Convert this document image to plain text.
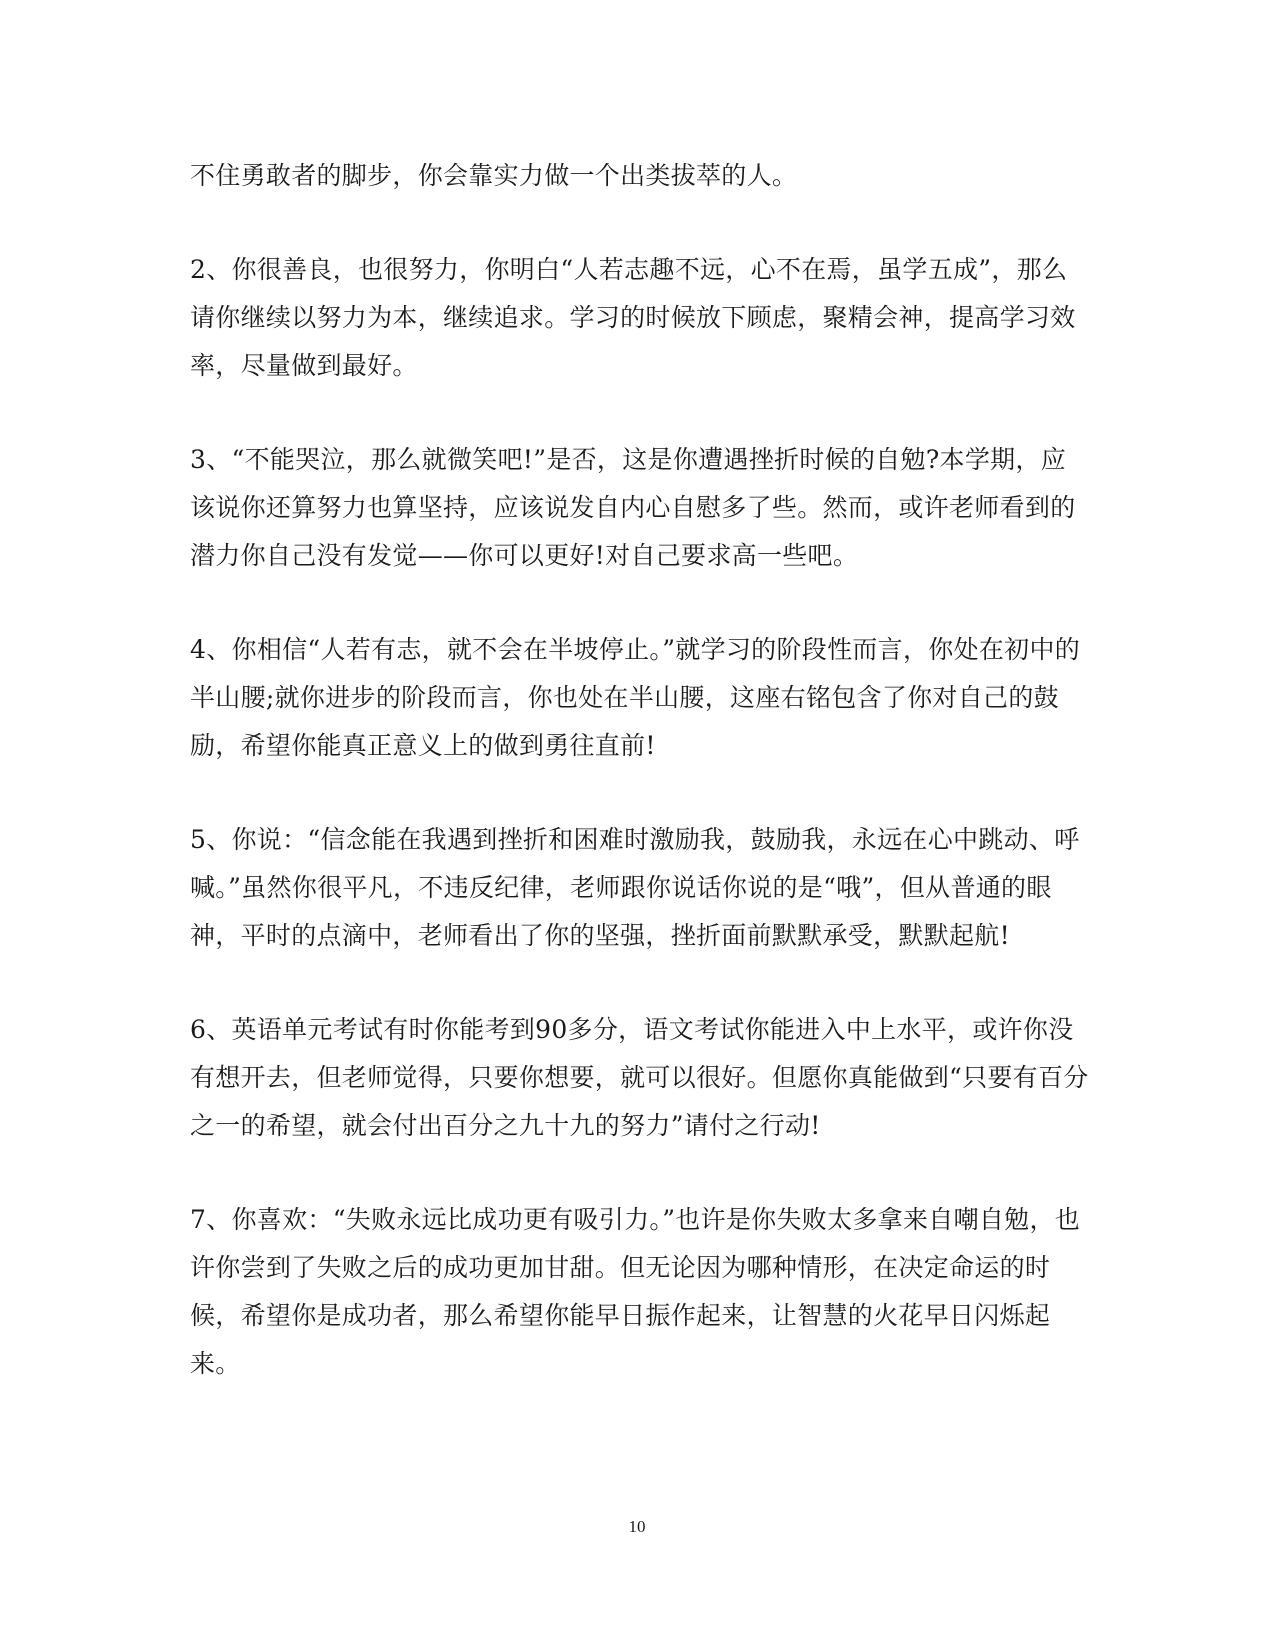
不住勇敢者的脚步，你会靠实力做一个出类拔萃的人。

2、你很善良，也很努力，你明白“人若志趣不远，心不在焉，虽学五成”，那么请你继续以努力为本，继续追求。学习的时候放下顾虑，聚精会神，提高学习效率，尽量做到最好。

3、“不能哭泣，那么就微笑吧!”是否，这是你遭遇挫折时候的自勉?本学期，应该说你还算努力也算坚持，应该说发自内心自慰多了些。然而，或许老师看到的潜力你自己没有发觉——你可以更好!对自己要求高一些吧。

4、你相信“人若有志，就不会在半坡停止。”就学习的阶段性而言，你处在初中的半山腰;就你进步的阶段而言，你也处在半山腰，这座右铭包含了你对自己的鼓励，希望你能真正意义上的做到勇往直前!

5、你说：“信念能在我遇到挫折和困难时激励我，鼓励我，永远在心中跳动、呼喊。”虽然你很平凡，不违反纪律，老师跟你说话你说的是“哦”，但从普通的眼神，平时的点滴中，老师看出了你的坚强，挫折面前默默承受，默默起航!

6、英语单元考试有时你能考到90多分，语文考试你能进入中上水平，或许你没有想开去，但老师觉得，只要你想要，就可以很好。但愿你真能做到“只要有百分之一的希望，就会付出百分之九十九的努力”请付之行动!

7、你喜欢：“失败永远比成功更有吸引力。”也许是你失败太多拿来自嘲自勉，也许你尝到了失败之后的成功更加甘甜。但无论因为哪种情形，在决定命运的时候，希望你是成功者，那么希望你能早日振作起来，让智慧的火花早日闪烁起来。

10
